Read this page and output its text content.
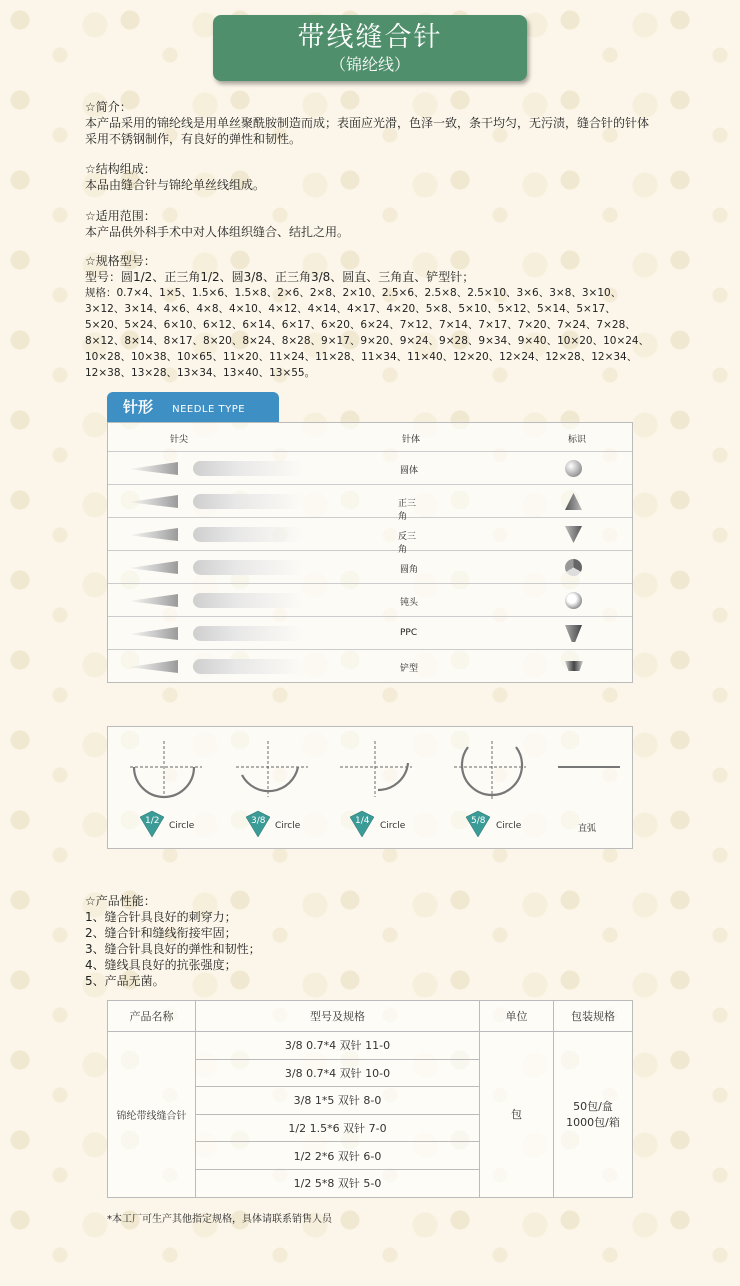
带线缝合针
（锦纶线）
☆简介：
本产品采用的锦纶线是用单丝聚酰胺制造而成；表面应光滑，色泽一致，条干均匀，无污渍，缝合针的针体采用不锈钢制作，有良好的弹性和韧性。
☆结构组成：
本品由缝合针与锦纶单丝线组成。
☆适用范围：
本产品供外科手术中对人体组织缝合、结扎之用。
☆规格型号：
型号：圆1/2、正三角1/2、圆3/8、正三角3/8、圆直、三角直、铲型针；
规格：0.7×4、1×5、1.5×6、1.5×8、2×6、2×8、2×10、2.5×6、2.5×8、2.5×10、3×6、3×8、3×10、
3×12、3×14、4×6、4×8、4×10、4×12、4×14、4×17、4×20、5×8、5×10、5×12、5×14、5×17、
5×20、5×24、6×10、6×12、6×14、6×17、6×20、6×24、7×12、7×14、7×17、7×20、7×24、7×28、
8×12、8×14、8×17、8×20、8×24、8×28、9×17、9×20、9×24、9×28、9×34、9×40、10×20、10×24、
10×28、10×38、10×65、11×20、11×24、11×28、11×34、11×40、12×20、12×24、12×28、12×34、
12×38、13×28、13×34、13×40、13×55。
针形 NEEDLE TYPE
针尖	针体	标识
圆体
正三角
反三角
圆角
钝头
PPC
铲型
1/2 Circle	3/8 Circle	1/4 Circle	5/8 Circle	直弧
☆产品性能：
1、缝合针具良好的刺穿力；
2、缝合针和缝线衔接牢固；
3、缝合针具良好的弹性和韧性；
4、缝线具良好的抗张强度；
5、产品无菌。
产品名称	型号及规格	单位	包装规格
锦纶带线缝合针	3/8 0.7*4 双针 11-0	包	50包/盒
1000包/箱

	3/8 0.7*4 双针 10-0		
	3/8 1*5 双针 8-0		
	1/2 1.5*6 双针 7-0		
	1/2 2*6 双针 6-0		
	1/2 5*8 双针 5-0		
*本工厂可生产其他指定规格，具体请联系销售人员
